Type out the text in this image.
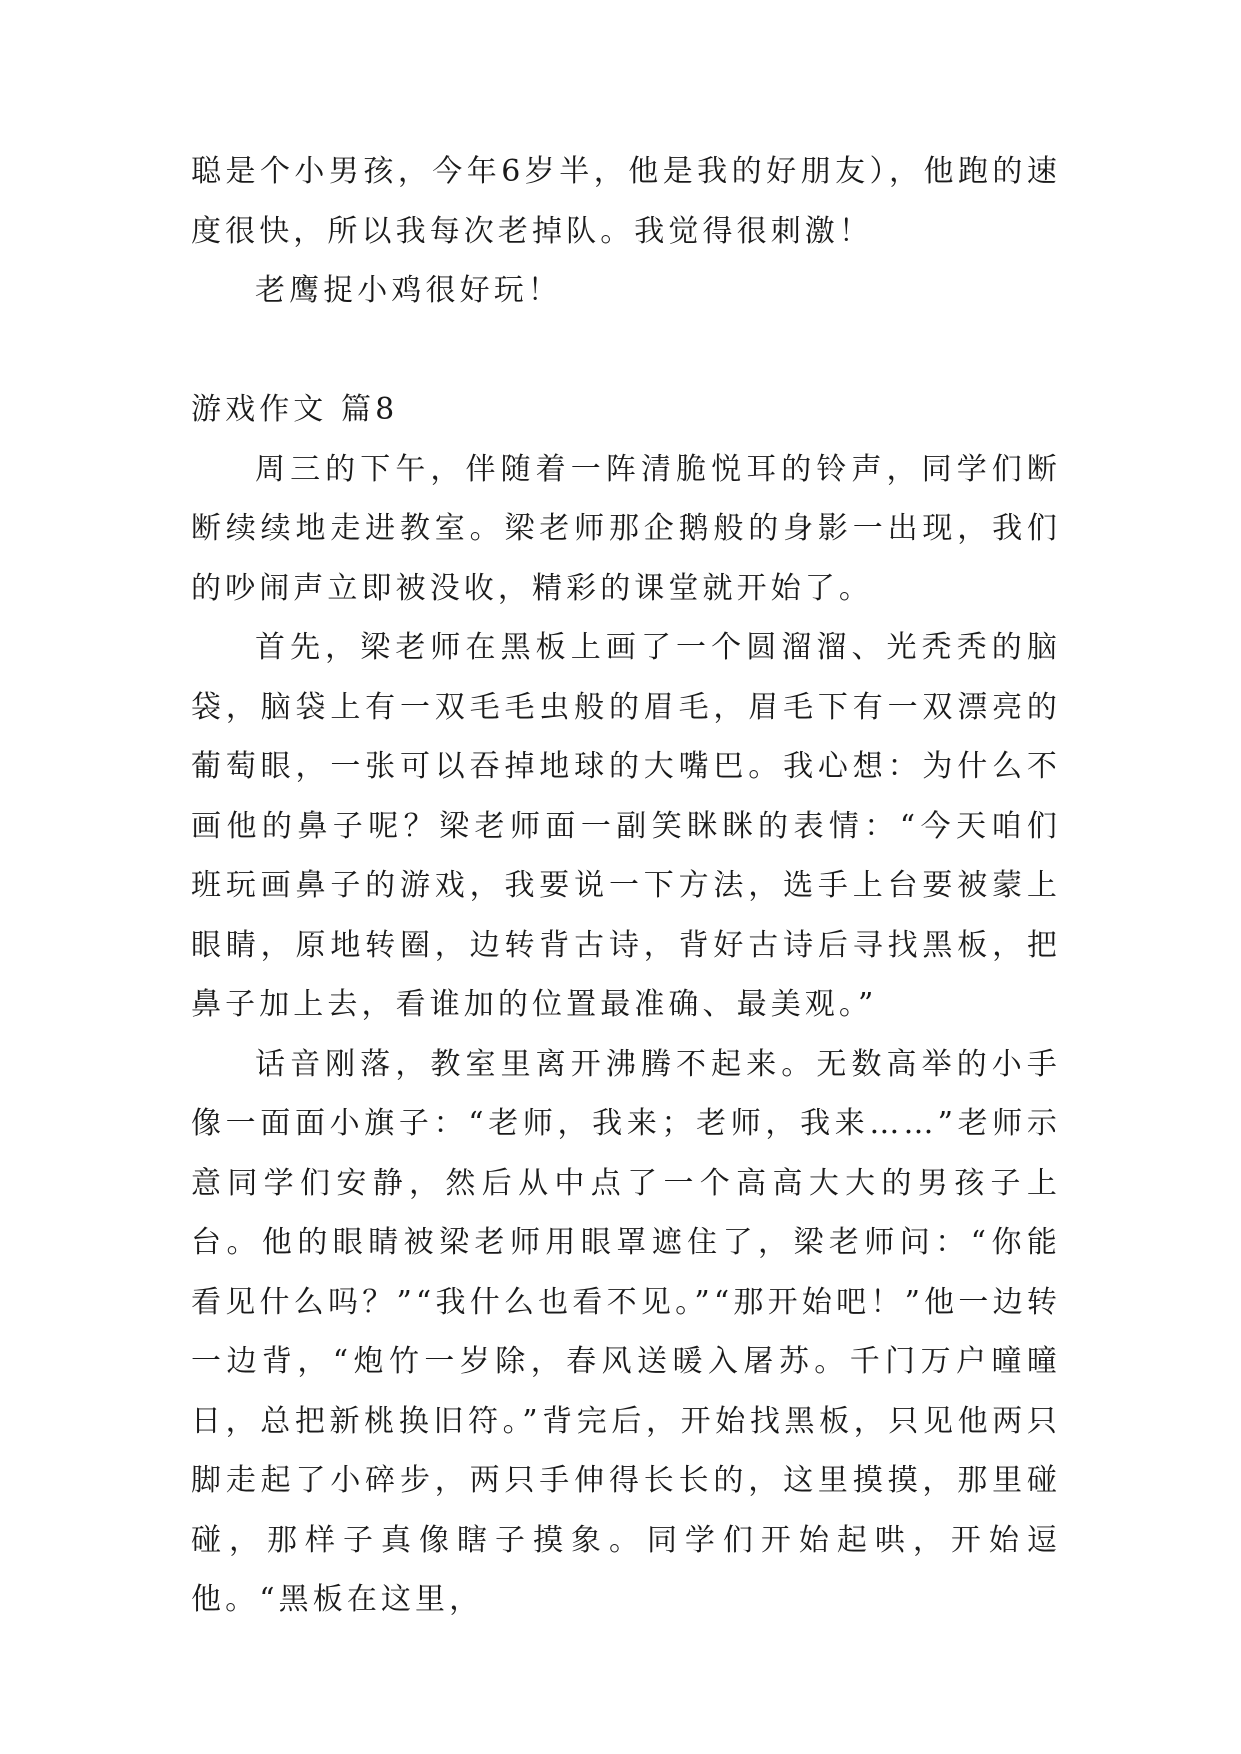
聪是个小男孩，今年6岁半，他是我的好朋友），他跑的速度很快，所以我每次老掉队。我觉得很刺激！

老鹰捉小鸡很好玩！

游戏作文 篇8

周三的下午，伴随着一阵清脆悦耳的铃声，同学们断断续续地走进教室。梁老师那企鹅般的身影一出现，我们的吵闹声立即被没收，精彩的课堂就开始了。

首先，梁老师在黑板上画了一个圆溜溜、光秃秃的脑袋，脑袋上有一双毛毛虫般的眉毛，眉毛下有一双漂亮的葡萄眼，一张可以吞掉地球的大嘴巴。我心想：为什么不画他的鼻子呢？梁老师面一副笑眯眯的表情：“今天咱们班玩画鼻子的游戏，我要说一下方法，选手上台要被蒙上眼睛，原地转圈，边转背古诗，背好古诗后寻找黑板，把鼻子加上去，看谁加的位置最准确、最美观。”

话音刚落，教室里离开沸腾不起来。无数高举的小手像一面面小旗子：“老师，我来；老师，我来……”老师示意同学们安静，然后从中点了一个高高大大的男孩子上台。他的眼睛被梁老师用眼罩遮住了，梁老师问：“你能看见什么吗？”“我什么也看不见。”“那开始吧！”他一边转一边背，“炮竹一岁除，春风送暖入屠苏。千门万户曈曈日，总把新桃换旧符。”背完后，开始找黑板，只见他两只脚走起了小碎步，两只手伸得长长的，这里摸摸，那里碰碰，那样子真像瞎子摸象。同学们开始起哄，开始逗他。“黑板在这里，
